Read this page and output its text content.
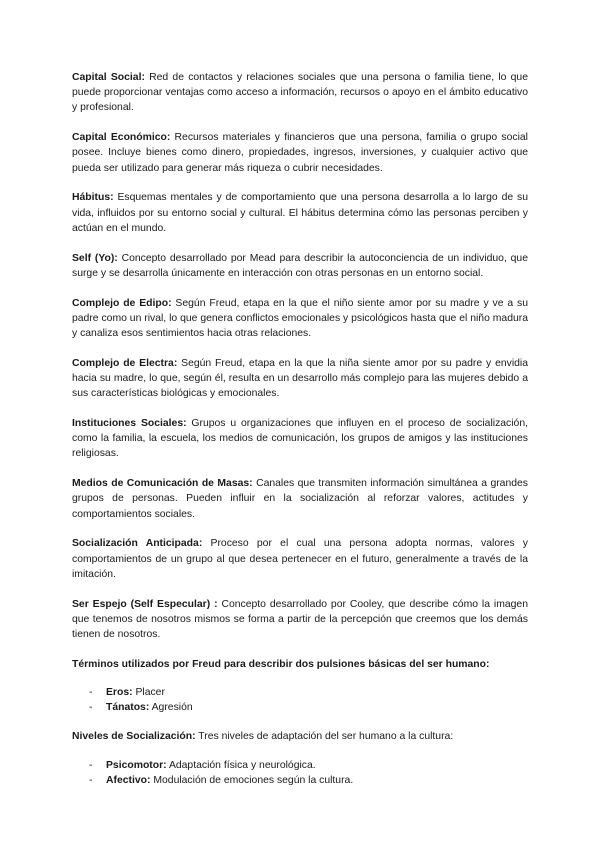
Capital Social: Red de contactos y relaciones sociales que una persona o familia tiene, lo que puede proporcionar ventajas como acceso a información, recursos o apoyo en el ámbito educativo y profesional.

Capital Económico: Recursos materiales y financieros que una persona, familia o grupo social posee. Incluye bienes como dinero, propiedades, ingresos, inversiones, y cualquier activo que pueda ser utilizado para generar más riqueza o cubrir necesidades.

Hábitus: Esquemas mentales y de comportamiento que una persona desarrolla a lo largo de su vida, influidos por su entorno social y cultural. El hábitus determina cómo las personas perciben y actúan en el mundo.

Self (Yo): Concepto desarrollado por Mead para describir la autoconciencia de un individuo, que surge y se desarrolla únicamente en interacción con otras personas en un entorno social.

Complejo de Edipo: Según Freud, etapa en la que el niño siente amor por su madre y ve a su padre como un rival, lo que genera conflictos emocionales y psicológicos hasta que el niño madura y canaliza esos sentimientos hacia otras relaciones.

Complejo de Electra: Según Freud, etapa en la que la niña siente amor por su padre y envidia hacia su madre, lo que, según él, resulta en un desarrollo más complejo para las mujeres debido a sus características biológicas y emocionales.

Instituciones Sociales: Grupos u organizaciones que influyen en el proceso de socialización, como la familia, la escuela, los medios de comunicación, los grupos de amigos y las instituciones religiosas.

Medios de Comunicación de Masas: Canales que transmiten información simultánea a grandes grupos de personas. Pueden influir en la socialización al reforzar valores, actitudes y comportamientos sociales.

Socialización Anticipada: Proceso por el cual una persona adopta normas, valores y comportamientos de un grupo al que desea pertenecer en el futuro, generalmente a través de la imitación.

Ser Espejo (Self Especular) : Concepto desarrollado por Cooley, que describe cómo la imagen que tenemos de nosotros mismos se forma a partir de la percepción que creemos que los demás tienen de nosotros.

Términos utilizados por Freud para describir dos pulsiones básicas del ser humano:

- Eros: Placer
- Tánatos: Agresión

Niveles de Socialización: Tres niveles de adaptación del ser humano a la cultura:

- Psicomotor: Adaptación física y neurológica.
- Afectivo: Modulación de emociones según la cultura.
